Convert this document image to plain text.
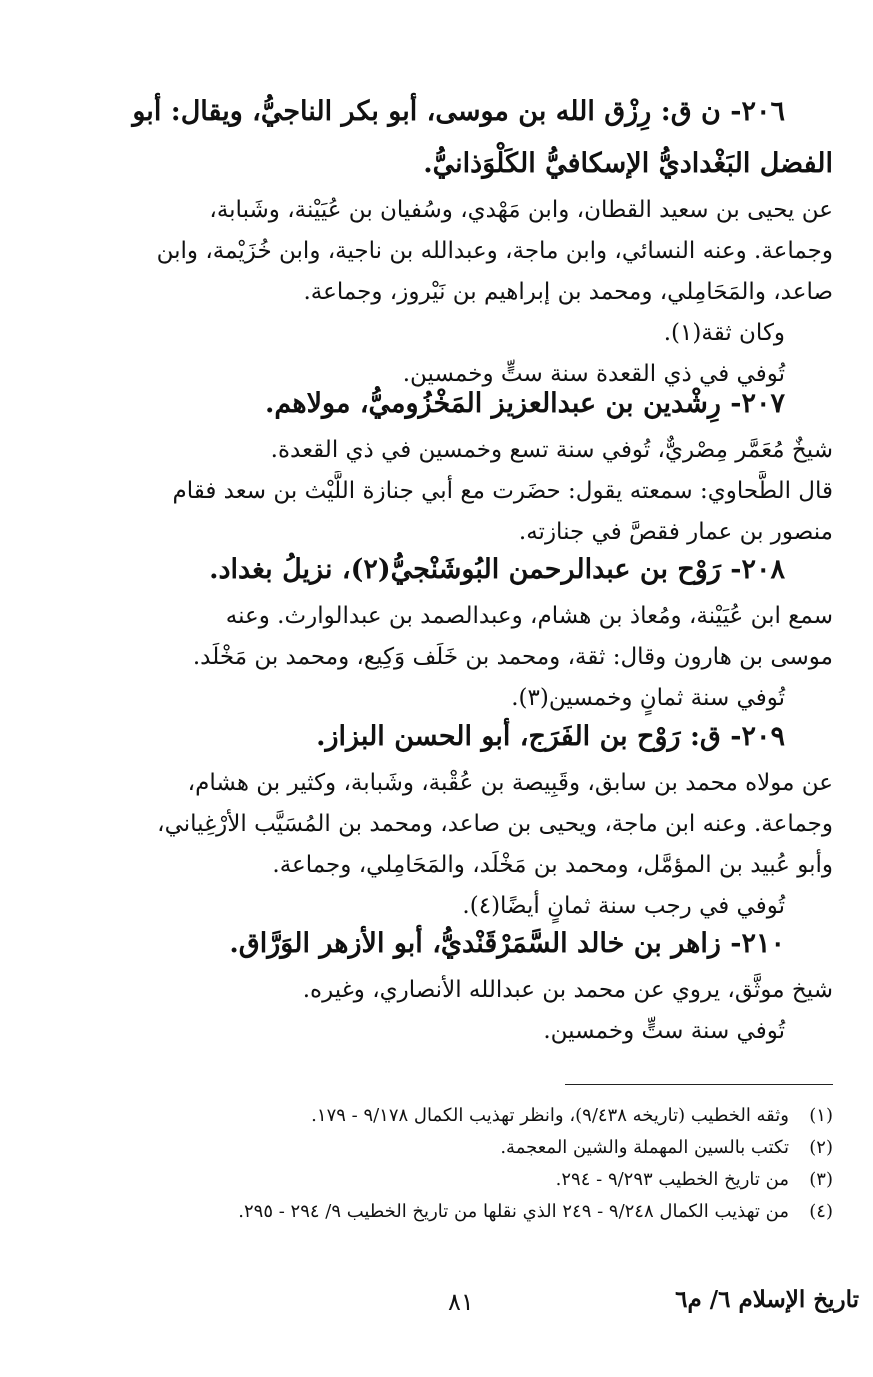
٢٠٦- ن ق: رِزْق الله بن موسى، أبو بكر الناجيُّ، ويقال: أبو
الفضل البَغْداديُّ الإسكافيُّ الكَلْوَذانيُّ.
عن يحيى بن سعيد القطان، وابن مَهْدي، وسُفيان بن عُيَيْنة، وشَبابة،
وجماعة. وعنه النسائي، وابن ماجة، وعبدالله بن ناجية، وابن خُزَيْمة، وابن
صاعد، والمَحَامِلي، ومحمد بن إبراهيم بن نَيْروز، وجماعة.
وكان ثقة(١).
تُوفي في ذي القعدة سنة ستٍّ وخمسين.
٢٠٧- رِشْدين بن عبدالعزيز المَخْزُوميُّ، مولاهم.
شيخٌ مُعَمَّر مِصْريٌّ، تُوفي سنة تسع وخمسين في ذي القعدة.
قال الطَّحاوي: سمعته يقول: حضَرت مع أبي جنازة اللَّيْث بن سعد فقام
منصور بن عمار فقصَّ في جنازته.
٢٠٨- رَوْح بن عبدالرحمن البُوشَنْجيُّ(٢)، نزيلُ بغداد.
سمع ابن عُيَيْنة، ومُعاذ بن هشام، وعبدالصمد بن عبدالوارث. وعنه
موسى بن هارون وقال: ثقة، ومحمد بن خَلَف وَكِيع، ومحمد بن مَخْلَد.
تُوفي سنة ثمانٍ وخمسين(٣).
٢٠٩- ق: رَوْح بن الفَرَج، أبو الحسن البزاز.
عن مولاه محمد بن سابق، وقَبِيصة بن عُقْبة، وشَبابة، وكثير بن هشام،
وجماعة. وعنه ابن ماجة، ويحيى بن صاعد، ومحمد بن المُسَيَّب الأرْغِياني،
وأبو عُبيد بن المؤمَّل، ومحمد بن مَخْلَد، والمَحَامِلي، وجماعة.
تُوفي في رجب سنة ثمانٍ أيضًا(٤).
٢١٠- زاهر بن خالد السَّمَرْقَنْديُّ، أبو الأزهر الوَرَّاق.
شيخ موثَّق، يروي عن محمد بن عبدالله الأنصاري، وغيره.
تُوفي سنة ستٍّ وخمسين.
(١)وثقه الخطيب (تاريخه ٩/٤٣٨)، وانظر تهذيب الكمال ٩/١٧٨ - ١٧٩.
(٢)تكتب بالسين المهملة والشين المعجمة.
(٣)من تاريخ الخطيب ٩/٢٩٣ - ٢٩٤.
(٤)من تهذيب الكمال ٩/٢٤٨ - ٢٤٩ الذي نقلها من تاريخ الخطيب ٩/ ٢٩٤ - ٢٩٥.
٨١	تاريخ الإسلام ٦/ م٦
